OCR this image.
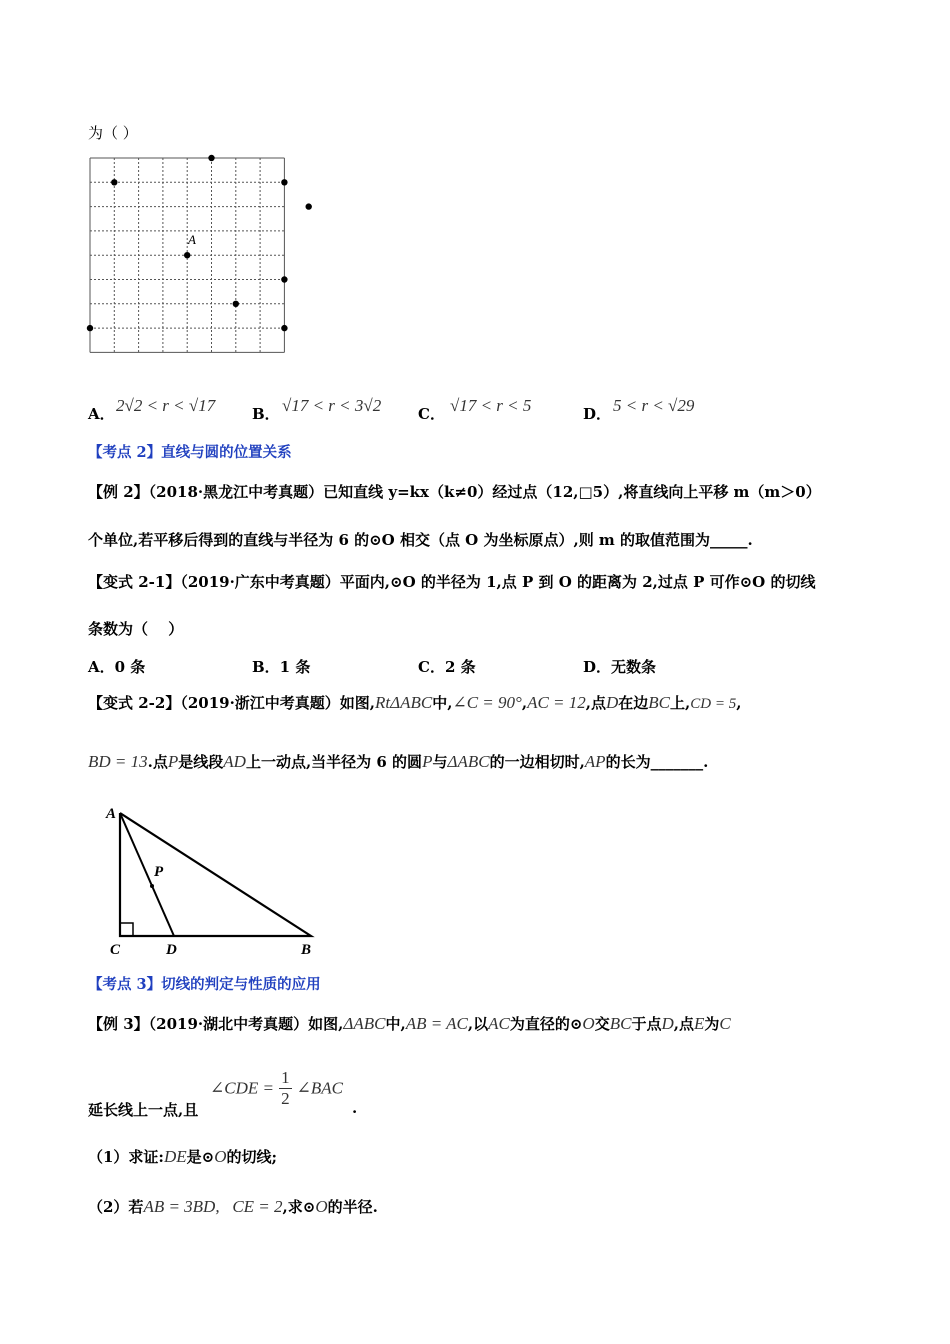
为（ ）
A
A． 2√2 < r < √17 B． √17 < r < 3√2 C． √17 < r < 5	D． 5 < r < √29
【考点 2】直线与圆的位置关系
【例 2】（2018·黑龙江中考真题）已知直线 y=kx（k≠0）经过点（12,□5）,将直线向上平移 m（m＞0）
个单位,若平移后得到的直线与半径为 6 的⊙O 相交（点 O 为坐标原点）,则 m 的取值范围为_____.
【变式 2-1】（2019·广东中考真题）平面内,⊙O 的半径为 1,点 P 到 O 的距离为 2,过点 P 可作⊙O 的切线
条数为（　 ）
A．0 条	B．1 条	C．2 条	D．无数条
【变式 2-2】（2019·浙江中考真题）如图,RtΔABC中,∠C = 90°,AC = 12,点D在边BC上,CD = 5,
BD = 13.点P是线段AD上一动点,当半径为 6 的圆P与ΔABC的一边相切时,AP的长为_______.
A
P
C	D	B
【考点 3】切线的判定与性质的应用
【例 3】（2019·湖北中考真题）如图,ΔABC中,AB = AC,以AC为直径的⊙O交BC于点D,点E为C
延长线上一点,且
∠CDE = $\frac{1}{2}$ ∠BAC
.
（1）求证:DE是⊙O的切线;
（2）若AB = 3BD,   CE = 2,求⊙O的半径.
